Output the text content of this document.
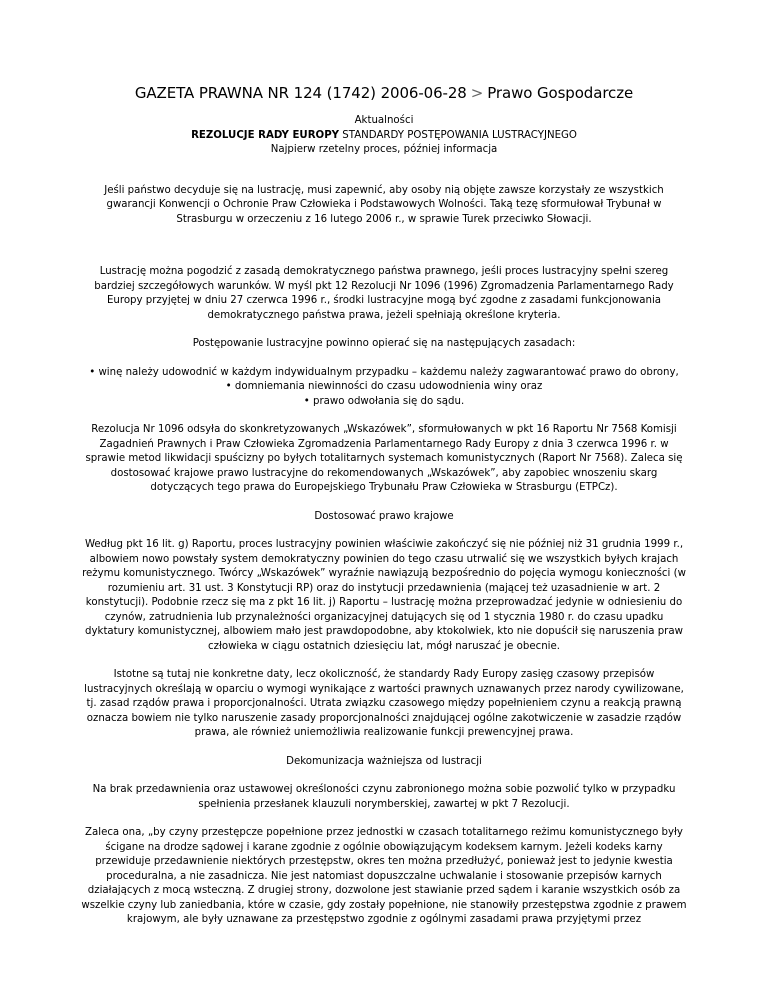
GAZETA PRAWNA NR 124 (1742) 2006-06-28 > Prawo Gospodarcze
Aktualności
REZOLUCJE RADY EUROPY STANDARDY POSTĘPOWANIA LUSTRACYJNEGO
Najpierw rzetelny proces, później informacja

Jeśli państwo decyduje się na lustrację, musi zapewnić, aby osoby nią objęte zawsze korzystały ze wszystkich gwarancji Konwencji o Ochronie Praw Człowieka i Podstawowych Wolności. Taką tezę sformułował Trybunał w Strasburgu w orzeczeniu z 16 lutego 2006 r., w sprawie Turek przeciwko Słowacji.

Lustrację można pogodzić z zasadą demokratycznego państwa prawnego, jeśli proces lustracyjny spełni szereg bardziej szczegółowych warunków. W myśl pkt 12 Rezolucji Nr 1096 (1996) Zgromadzenia Parlamentarnego Rady Europy przyjętej w dniu 27 czerwca 1996 r., środki lustracyjne mogą być zgodne z zasadami funkcjonowania demokratycznego państwa prawa, jeżeli spełniają określone kryteria.

Postępowanie lustracyjne powinno opierać się na następujących zasadach:

• winę należy udowodnić w każdym indywidualnym przypadku – każdemu należy zagwarantować prawo do obrony,

• domniemania niewinności do czasu udowodnienia winy oraz

• prawo odwołania się do sądu.

Rezolucja Nr 1096 odsyła do skonkretyzowanych „Wskazówek”, sformułowanych w pkt 16 Raportu Nr 7568 Komisji Zagadnień Prawnych i Praw Człowieka Zgromadzenia Parlamentarnego Rady Europy z dnia 3 czerwca 1996 r. w sprawie metod likwidacji spuścizny po byłych totalitarnych systemach komunistycznych (Raport Nr 7568). Zaleca się dostosować krajowe prawo lustracyjne do rekomendowanych „Wskazówek”, aby zapobiec wnoszeniu skarg dotyczących tego prawa do Europejskiego Trybunału Praw Człowieka w Strasburgu (ETPCz).

Dostosować prawo krajowe

Według pkt 16 lit. g) Raportu, proces lustracyjny powinien właściwie zakończyć się nie później niż 31 grudnia 1999 r., albowiem nowo powstały system demokratyczny powinien do tego czasu utrwalić się we wszystkich byłych krajach reżymu komunistycznego. Twórcy „Wskazówek” wyraźnie nawiązują bezpośrednio do pojęcia wymogu konieczności (w rozumieniu art. 31 ust. 3 Konstytucji RP) oraz do instytucji przedawnienia (mającej też uzasadnienie w art. 2 konstytucji). Podobnie rzecz się ma z pkt 16 lit. j) Raportu – lustrację można przeprowadzać jedynie w odniesieniu do czynów, zatrudnienia lub przynależności organizacyjnej datujących się od 1 stycznia 1980 r. do czasu upadku dyktatury komunistycznej, albowiem mało jest prawdopodobne, aby ktokolwiek, kto nie dopuścił się naruszenia praw człowieka w ciągu ostatnich dziesięciu lat, mógł naruszać je obecnie.

Istotne są tutaj nie konkretne daty, lecz okoliczność, że standardy Rady Europy zasięg czasowy przepisów lustracyjnych określają w oparciu o wymogi wynikające z wartości prawnych uznawanych przez narody cywilizowane, tj. zasad rządów prawa i proporcjonalności. Utrata związku czasowego między popełnieniem czynu a reakcją prawną oznacza bowiem nie tylko naruszenie zasady proporcjonalności znajdującej ogólne zakotwiczenie w zasadzie rządów prawa, ale również uniemożliwia realizowanie funkcji prewencyjnej prawa.

Dekomunizacja ważniejsza od lustracji

Na brak przedawnienia oraz ustawowej określoności czynu zabronionego można sobie pozwolić tylko w przypadku spełnienia przesłanek klauzuli norymberskiej, zawartej w pkt 7 Rezolucji.

Zaleca ona, „by czyny przestępcze popełnione przez jednostki w czasach totalitarnego reżimu komunistycznego były ścigane na drodze sądowej i karane zgodnie z ogólnie obowiązującym kodeksem karnym. Jeżeli kodeks karny przewiduje przedawnienie niektórych przestępstw, okres ten można przedłużyć, ponieważ jest to jedynie kwestia proceduralna, a nie zasadnicza. Nie jest natomiast dopuszczalne uchwalanie i stosowanie przepisów karnych działających z mocą wsteczną. Z drugiej strony, dozwolone jest stawianie przed sądem i karanie wszystkich osób za wszelkie czyny lub zaniedbania, które w czasie, gdy zostały popełnione, nie stanowiły przestępstwa zgodnie z prawem krajowym, ale były uznawane za przestępstwo zgodnie z ogólnymi zasadami prawa przyjętymi przez
